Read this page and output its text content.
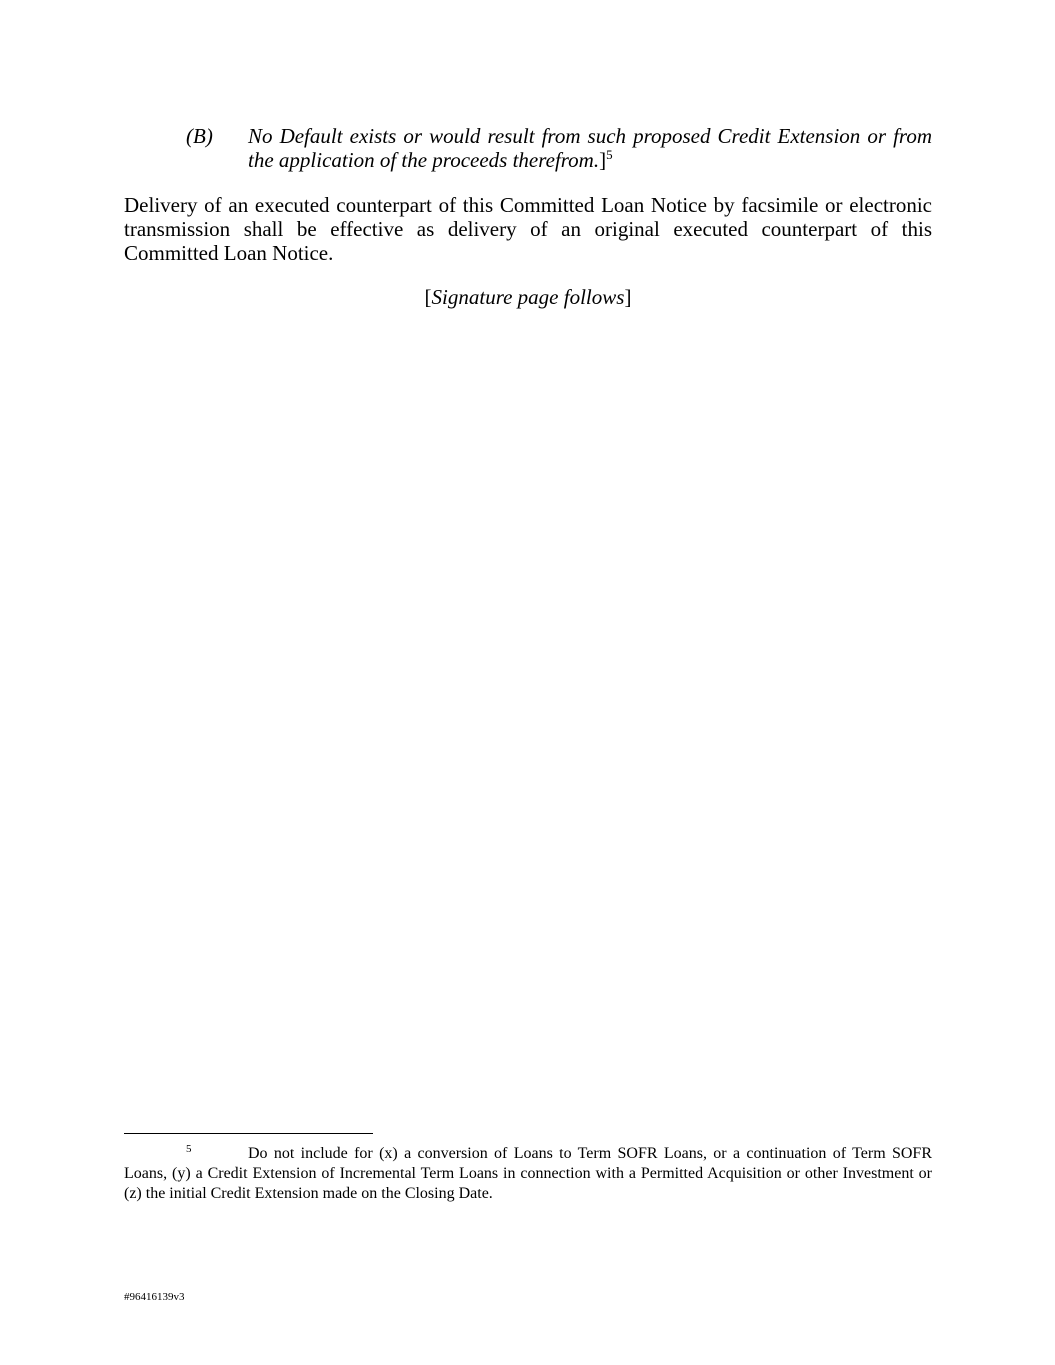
(B) No Default exists or would result from such proposed Credit Extension or from the application of the proceeds therefrom.]$^5$
Delivery of an executed counterpart of this Committed Loan Notice by facsimile or electronic transmission shall be effective as delivery of an original executed counterpart of this Committed Loan Notice.
[Signature page follows]
5	Do not include for (x) a conversion of Loans to Term SOFR Loans, or a continuation of Term SOFR Loans, (y) a Credit Extension of Incremental Term Loans in connection with a Permitted Acquisition or other Investment or (z) the initial Credit Extension made on the Closing Date.
#96416139v3
